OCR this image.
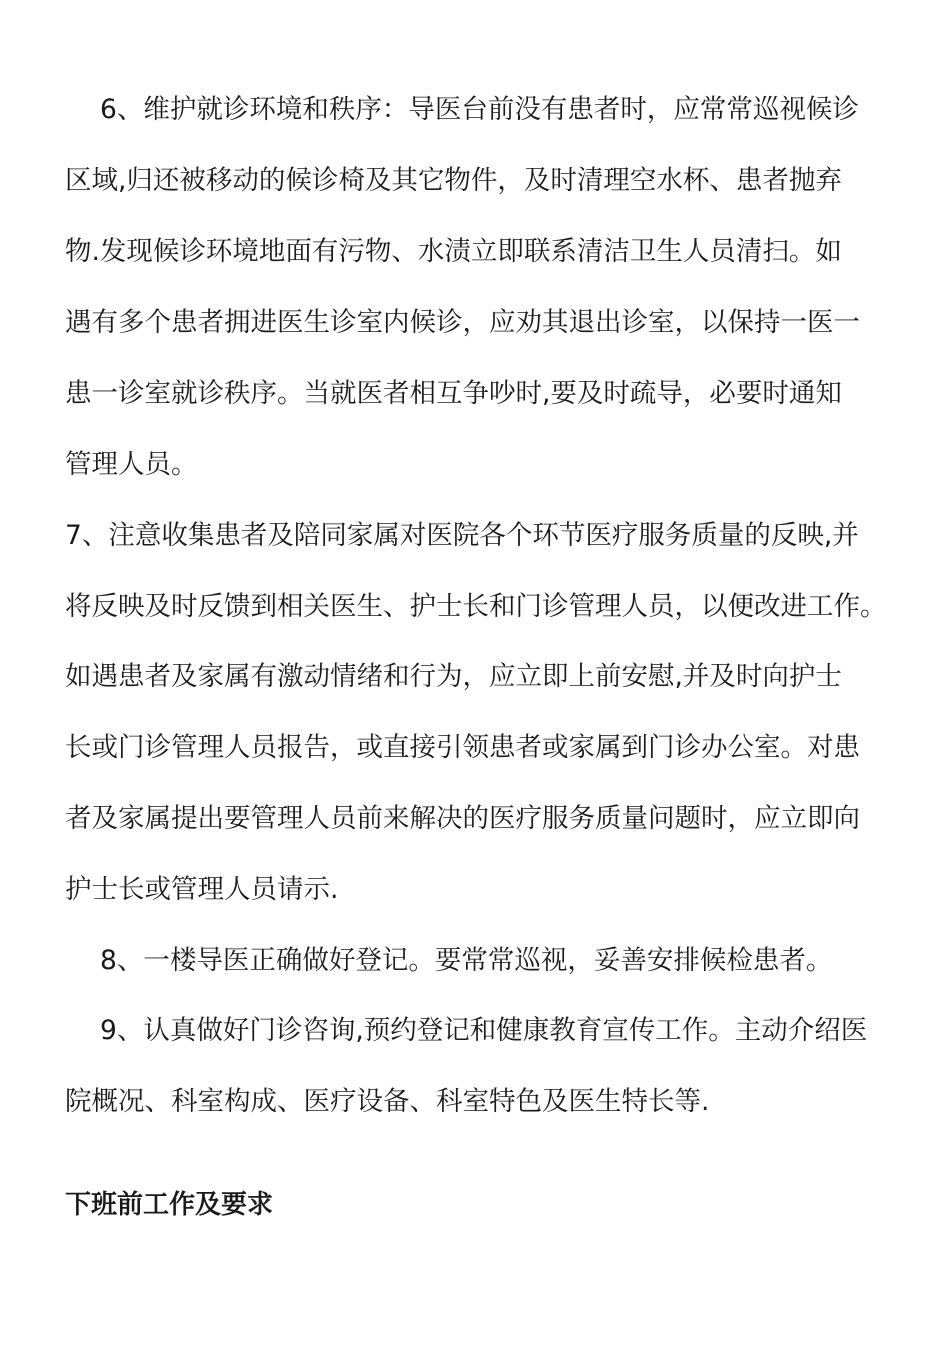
6、维护就诊环境和秩序：导医台前没有患者时，应常常巡视候诊
区域,归还被移动的候诊椅及其它物件，及时清理空水杯、患者抛弃
物.发现候诊环境地面有污物、水渍立即联系清洁卫生人员清扫。如
遇有多个患者拥进医生诊室内候诊，应劝其退出诊室，以保持一医一
患一诊室就诊秩序。当就医者相互争吵时,要及时疏导，必要时通知
管理人员。
7、注意收集患者及陪同家属对医院各个环节医疗服务质量的反映,并
将反映及时反馈到相关医生、护士长和门诊管理人员，以便改进工作。
如遇患者及家属有激动情绪和行为，应立即上前安慰,并及时向护士
长或门诊管理人员报告，或直接引领患者或家属到门诊办公室。对患
者及家属提出要管理人员前来解决的医疗服务质量问题时，应立即向
护士长或管理人员请示.
8、一楼导医正确做好登记。要常常巡视，妥善安排候检患者。
9、认真做好门诊咨询,预约登记和健康教育宣传工作。主动介绍医
院概况、科室构成、医疗设备、科室特色及医生特长等.
下班前工作及要求
